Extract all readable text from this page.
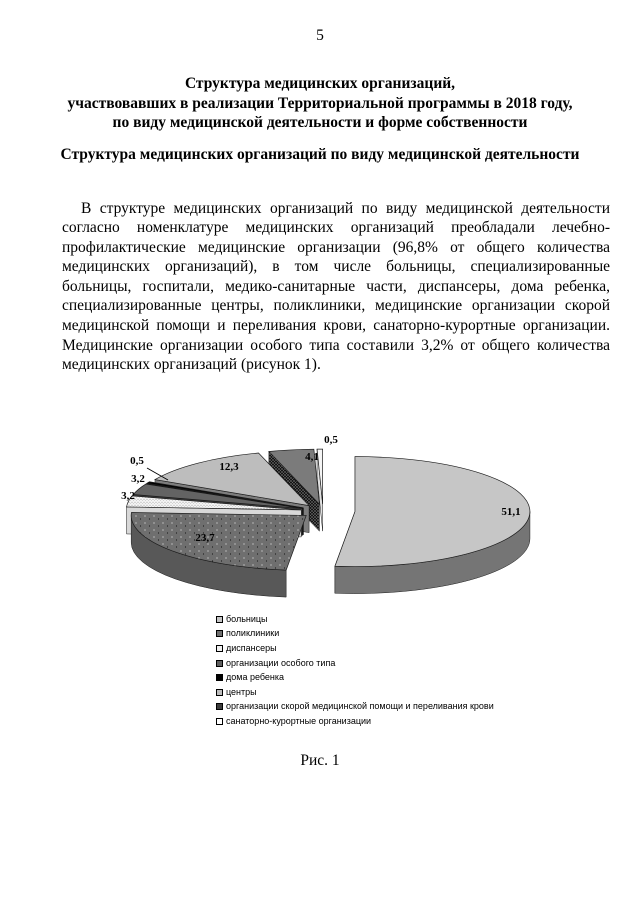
5
Структура медицинских организаций,
участвовавших в реализации Территориальной программы в 2018 году,
по виду медицинской деятельности и форме собственности
Структура медицинских организаций по виду медицинской деятельности

В структуре медицинских организаций по виду медицинской деятельности согласно номенклатуре медицинских организаций преобладали лечебно-профилактические медицинские организации (96,8% от общего количества медицинских организаций), в том числе больницы, специализированные больницы, госпитали, медико-санитарные части, диспансеры, дома ребенка, специализированные центры, поликлиники, медицинские организации скорой медицинской помощи и переливания крови, санаторно-курортные организации. Медицинские организации особого типа составили 3,2% от общего количества медицинских организаций (рисунок 1).

51,1
23,7
3,2
3,2
0,5	12,3
4,1
0,5
больницы
поликлиники
диспансеры
организации особого типа
дома ребенка
центры
организации скорой медицинской помощи и переливания крови
санаторно-курортные организации
Рис. 1
